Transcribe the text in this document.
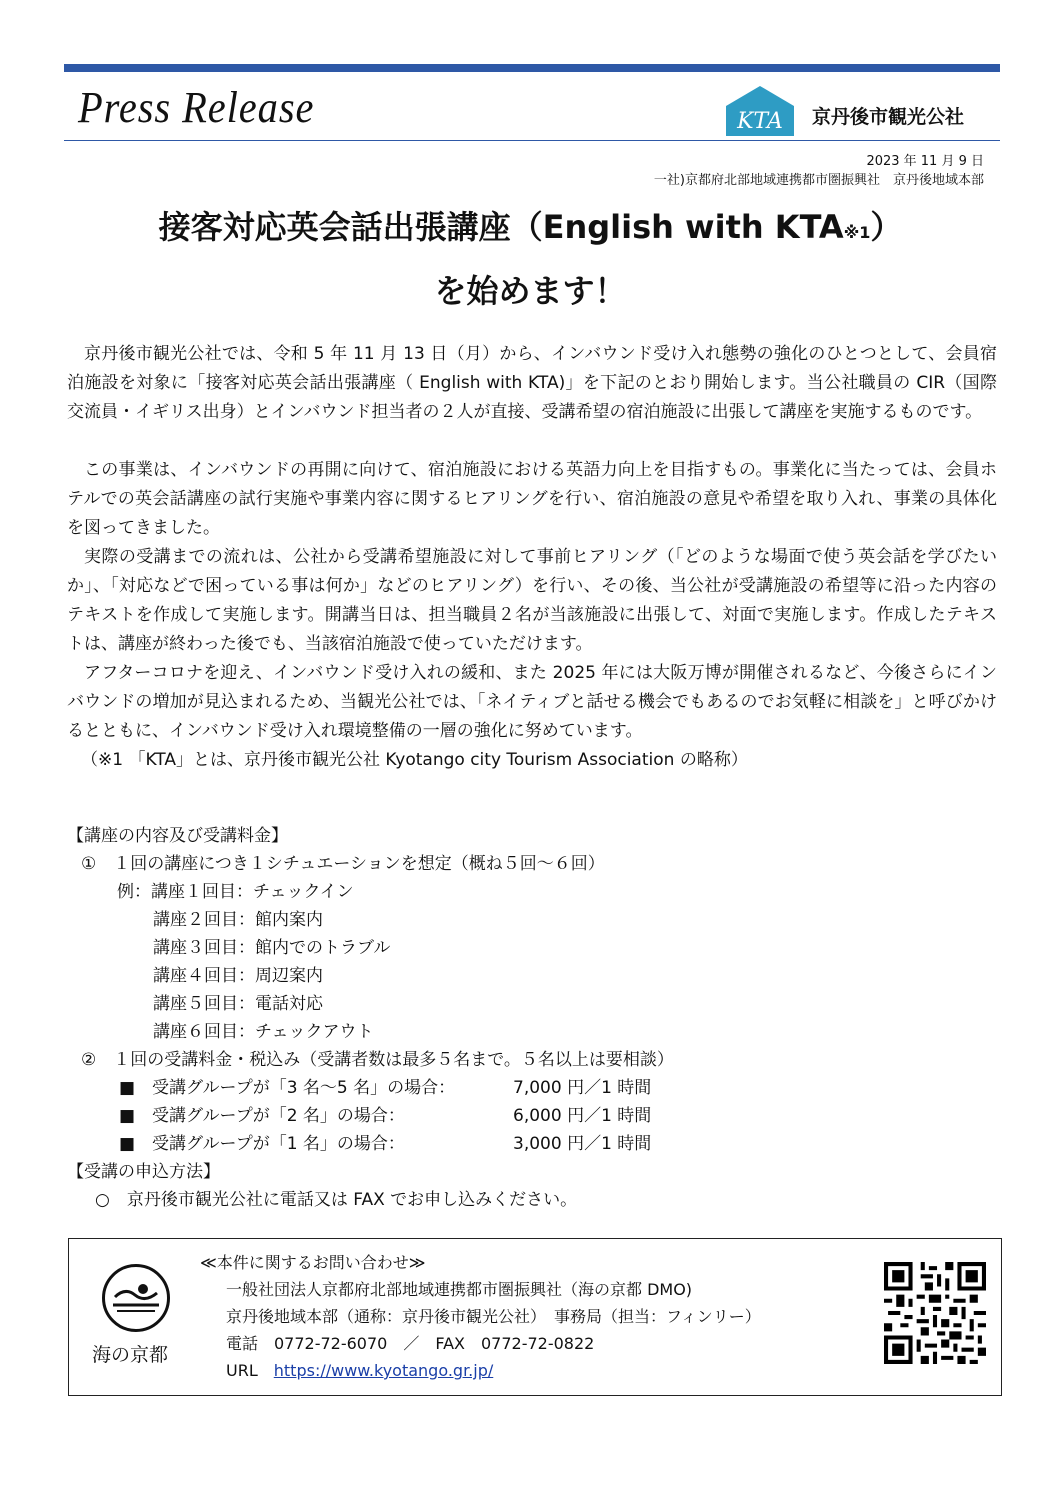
Press Release	KTA 京丹後市観光公社
2023 年 11 月 9 日
一社)京都府北部地域連携都市圏振興社　京丹後地域本部
接客対応英会話出張講座（English with KTA※1）
を始めます！

京丹後市観光公社では、令和 5 年 11 月 13 日（月）から、インバウンド受け入れ態勢の強化のひとつとして、会員宿泊施設を対象に「接客対応英会話出張講座（ English with KTA)」を下記のとおり開始します。当公社職員の CIR（国際交流員・イギリス出身）とインバウンド担当者の２人が直接、受講希望の宿泊施設に出張して講座を実施するものです。

この事業は、インバウンドの再開に向けて、宿泊施設における英語力向上を目指すもの。事業化に当たっては、会員ホテルでの英会話講座の試行実施や事業内容に関するヒアリングを行い、宿泊施設の意見や希望を取り入れ、事業の具体化を図ってきました。

実際の受講までの流れは、公社から受講希望施設に対して事前ヒアリング（「どのような場面で使う英会話を学びたいか」、「対応などで困っている事は何か」などのヒアリング）を行い、その後、当公社が受講施設の希望等に沿った内容のテキストを作成して実施します。開講当日は、担当職員２名が当該施設に出張して、対面で実施します。作成したテキストは、講座が終わった後でも、当該宿泊施設で使っていただけます。

アフターコロナを迎え、インバウンド受け入れの緩和、また 2025 年には大阪万博が開催されるなど、今後さらにインバウンドの増加が見込まれるため、当観光公社では、「ネイティブと話せる機会でもあるのでお気軽に相談を」と呼びかけるとともに、インバウンド受け入れ環境整備の一層の強化に努めています。

（※1 「KTA」とは、京丹後市観光公社 Kyotango city Tourism Association の略称）

【講座の内容及び受講料金】
①　１回の講座につき１シチュエーションを想定（概ね５回～６回）
例：講座１回目：チェックイン
講座２回目：館内案内
講座３回目：館内でのトラブル
講座４回目：周辺案内
講座５回目：電話対応
講座６回目：チェックアウト
②　１回の受講料金・税込み（受講者数は最多５名まで。５名以上は要相談）
■　受講グループが「3 名～5 名」の場合：	7,000 円／1 時間
■　受講グループが「2 名」の場合：	6,000 円／1 時間
■　受講グループが「1 名」の場合：	3,000 円／1 時間
【受講の申込方法】
○　京丹後市観光公社に電話又は FAX でお申し込みください。
海の京都
≪本件に関するお問い合わせ≫
一般社団法人京都府北部地域連携都市圏振興社（海の京都 DMO)
京丹後地域本部（通称：京丹後市観光公社）　事務局（担当：フィンリー）
電話　0772-72-6070　／　FAX　0772-72-0822
URL　 https://www.kyotango.gr.jp/
